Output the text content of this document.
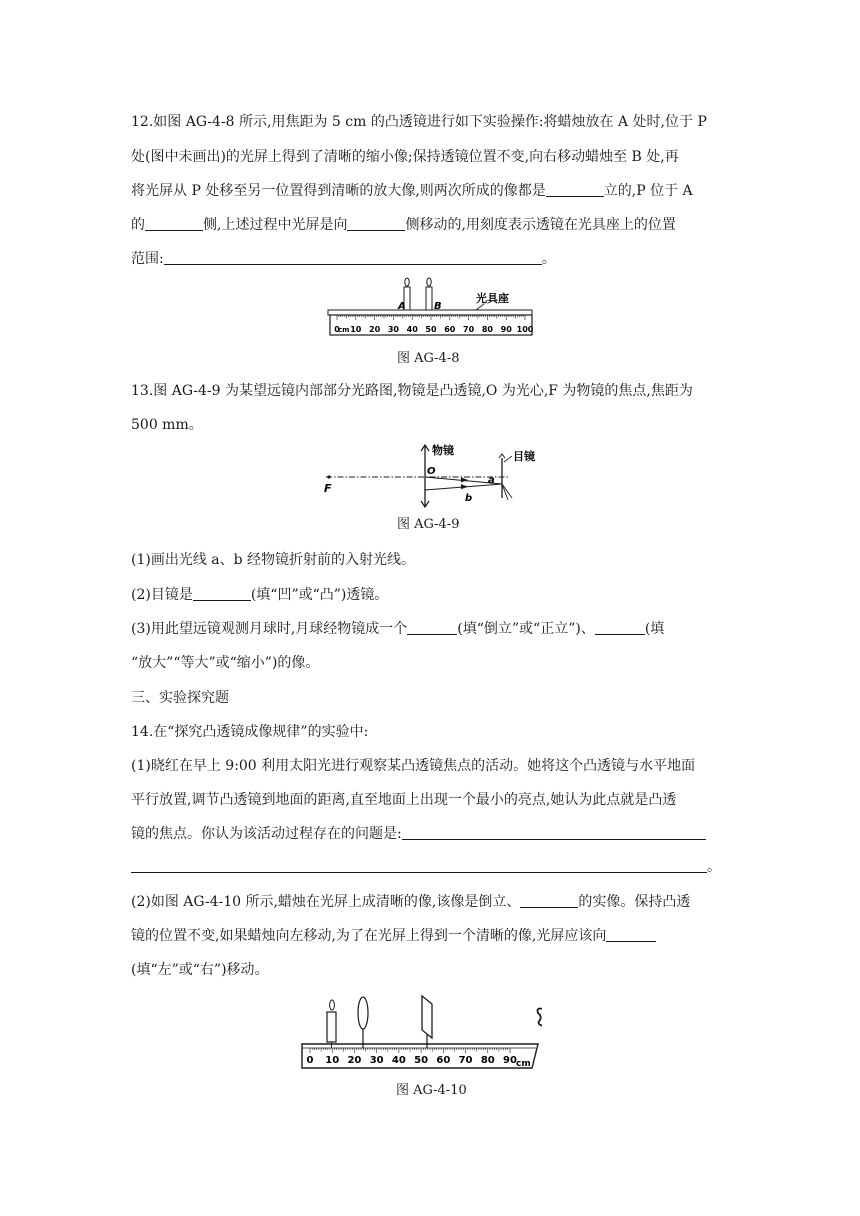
12.如图 AG-4-8 所示,用焦距为 5 cm 的凸透镜进行如下实验操作:将蜡烛放在 A 处时,位于 P
处(图中未画出)的光屏上得到了清晰的缩小像;保持透镜位置不变,向右移动蜡烛至 B 处,再
将光屏从 P 处移至另一位置得到清晰的放大像,则两次所成的像都是	立的,P 位于 A
的	侧,上述过程中光屏是向	侧移动的,用刻度表示透镜在光具座上的位置
范围:	。
0 10 20 30 40 50 60 70 80 90 100
cm
A	B
光具座
图 AG-4-8
13.图 AG-4-9 为某望远镜内部部分光路图,物镜是凸透镜,O 为光心,F 为物镜的焦点,焦距为
500 mm。
F
物镜
O
目镜
a
b
图 AG-4-9
(1)画出光线 a、b 经物镜折射前的入射光线。
(2)目镜是	(填“凹”或“凸”)透镜。
(3)用此望远镜观测月球时,月球经物镜成一个	(填“倒立”或“正立”)、	(填
“放大”“等大”或“缩小”)的像。
三、实验探究题
14.在“探究凸透镜成像规律”的实验中:
(1)晓红在早上 9:00 利用太阳光进行观察某凸透镜焦点的活动。她将这个凸透镜与水平地面
平行放置,调节凸透镜到地面的距离,直至地面上出现一个最小的亮点,她认为此点就是凸透
镜的焦点。你认为该活动过程存在的问题是:
。
(2)如图 AG-4-10 所示,蜡烛在光屏上成清晰的像,该像是倒立、	的实像。保持凸透
镜的位置不变,如果蜡烛向左移动,为了在光屏上得到一个清晰的像,光屏应该向
(填“左”或“右”)移动。
0 10 20 30 40 50 60 70 80 90 cm
图 AG-4-10
